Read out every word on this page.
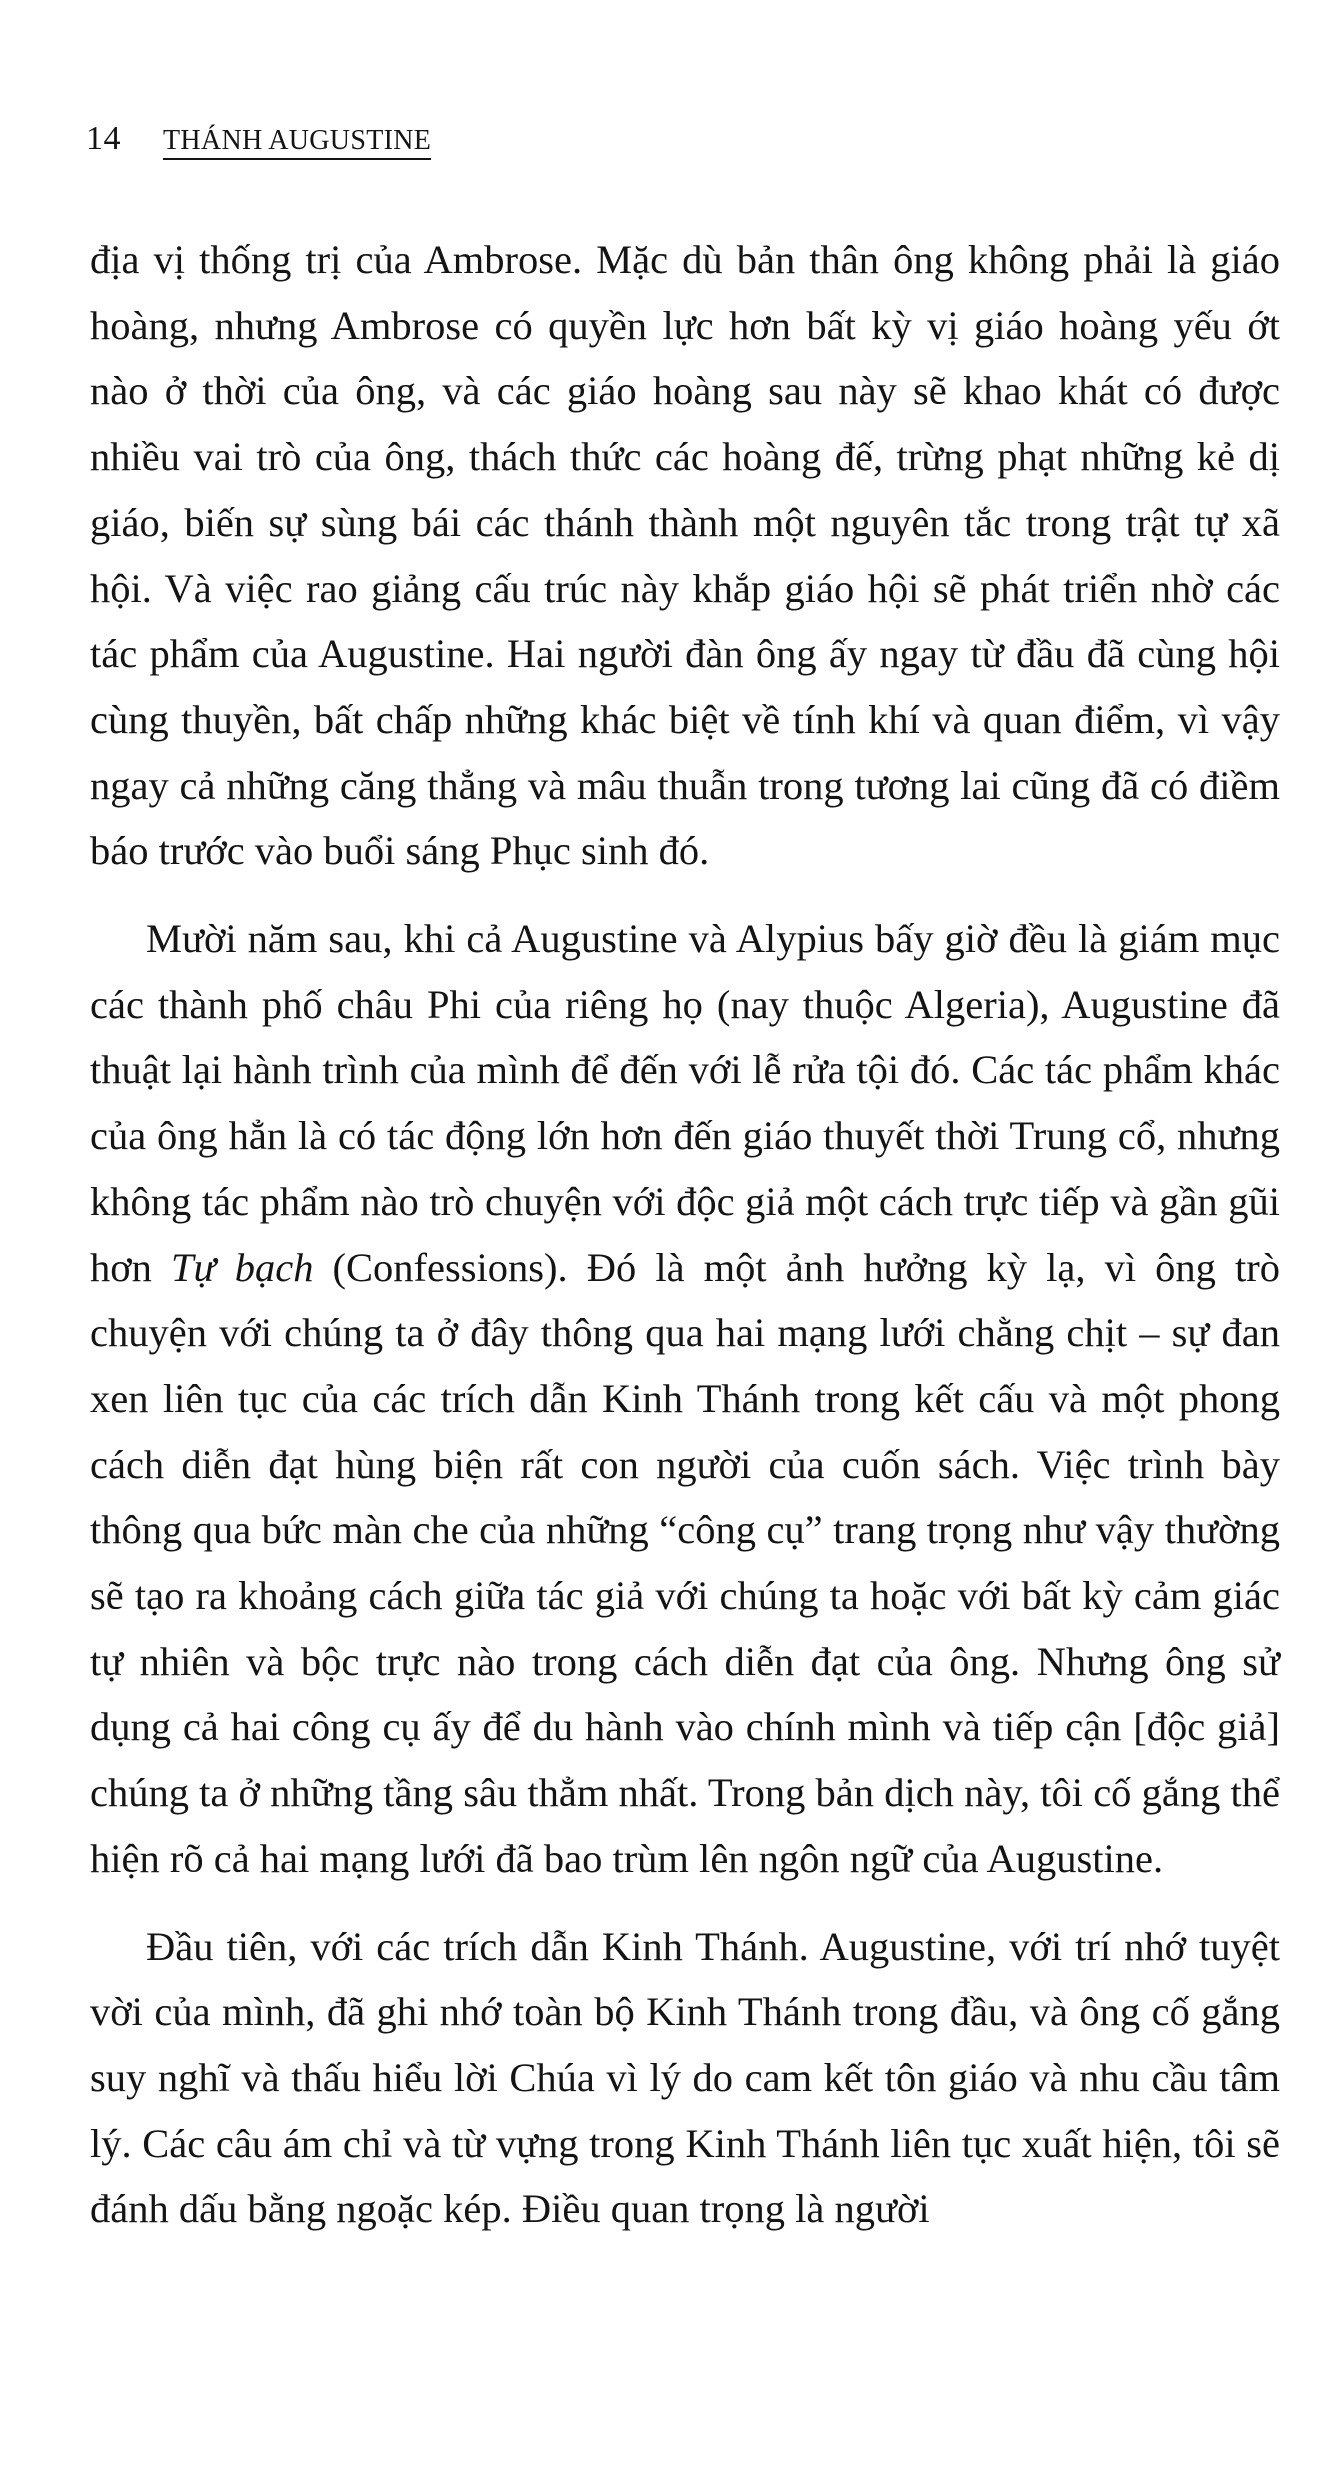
14 THÁNH AUGUSTINE

địa vị thống trị của Ambrose. Mặc dù bản thân ông không phải là giáo hoàng, nhưng Ambrose có quyền lực hơn bất kỳ vị giáo hoàng yếu ớt nào ở thời của ông, và các giáo hoàng sau này sẽ khao khát có được nhiều vai trò của ông, thách thức các hoàng đế, trừng phạt những kẻ dị giáo, biến sự sùng bái các thánh thành một nguyên tắc trong trật tự xã hội. Và việc rao giảng cấu trúc này khắp giáo hội sẽ phát triển nhờ các tác phẩm của Augustine. Hai người đàn ông ấy ngay từ đầu đã cùng hội cùng thuyền, bất chấp những khác biệt về tính khí và quan điểm, vì vậy ngay cả những căng thẳng và mâu thuẫn trong tương lai cũng đã có điềm báo trước vào buổi sáng Phục sinh đó.

Mười năm sau, khi cả Augustine và Alypius bấy giờ đều là giám mục các thành phố châu Phi của riêng họ (nay thuộc Algeria), Augustine đã thuật lại hành trình của mình để đến với lễ rửa tội đó. Các tác phẩm khác của ông hẳn là có tác động lớn hơn đến giáo thuyết thời Trung cổ, nhưng không tác phẩm nào trò chuyện với độc giả một cách trực tiếp và gần gũi hơn Tự bạch (Confessions). Đó là một ảnh hưởng kỳ lạ, vì ông trò chuyện với chúng ta ở đây thông qua hai mạng lưới chằng chịt – sự đan xen liên tục của các trích dẫn Kinh Thánh trong kết cấu và một phong cách diễn đạt hùng biện rất con người của cuốn sách. Việc trình bày thông qua bức màn che của những “công cụ” trang trọng như vậy thường sẽ tạo ra khoảng cách giữa tác giả với chúng ta hoặc với bất kỳ cảm giác tự nhiên và bộc trực nào trong cách diễn đạt của ông. Nhưng ông sử dụng cả hai công cụ ấy để du hành vào chính mình và tiếp cận [độc giả] chúng ta ở những tầng sâu thẳm nhất. Trong bản dịch này, tôi cố gắng thể hiện rõ cả hai mạng lưới đã bao trùm lên ngôn ngữ của Augustine.

Đầu tiên, với các trích dẫn Kinh Thánh. Augustine, với trí nhớ tuyệt vời của mình, đã ghi nhớ toàn bộ Kinh Thánh trong đầu, và ông cố gắng suy nghĩ và thấu hiểu lời Chúa vì lý do cam kết tôn giáo và nhu cầu tâm lý. Các câu ám chỉ và từ vựng trong Kinh Thánh liên tục xuất hiện, tôi sẽ đánh dấu bằng ngoặc kép. Điều quan trọng là người
